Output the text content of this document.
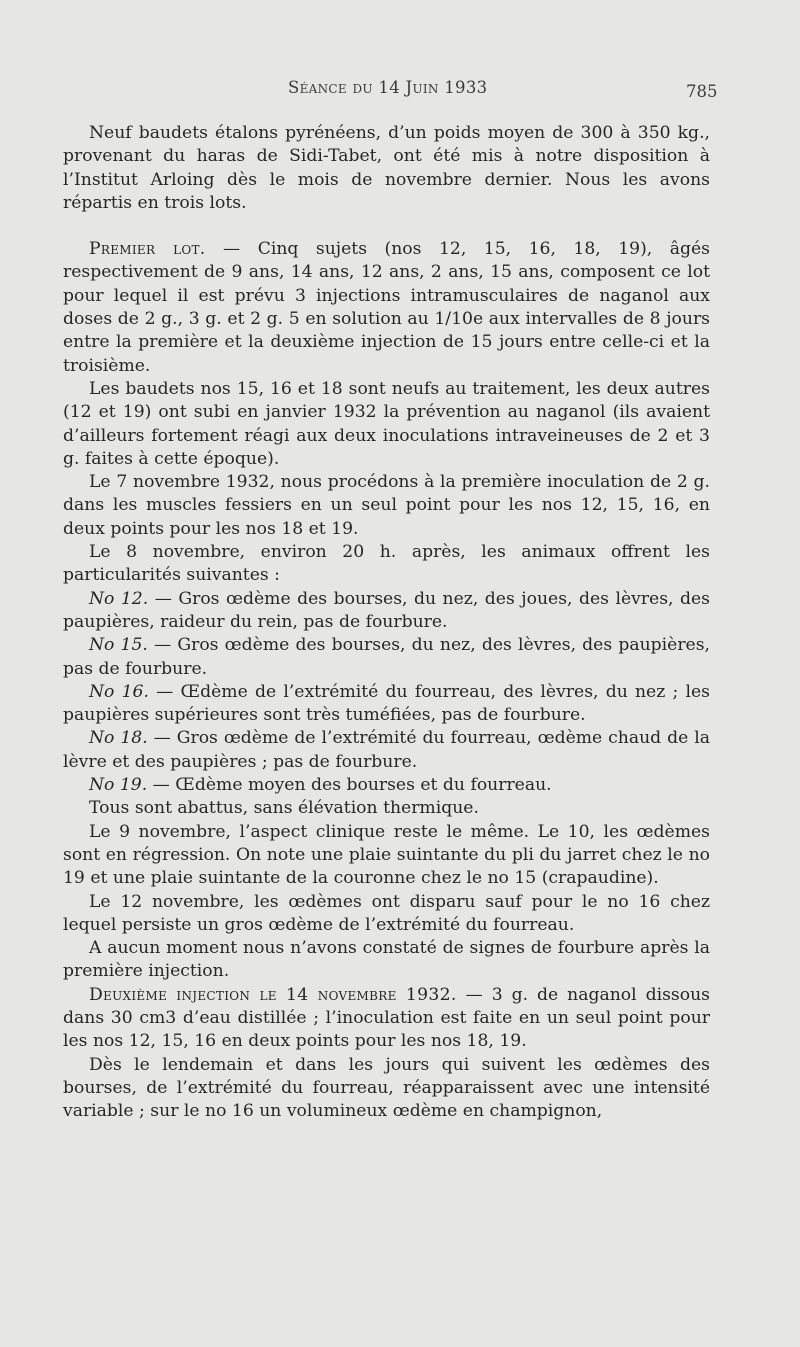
Séance du 14 Juin 1933	785

Neuf baudets étalons pyrénéens, d’un poids moyen de 300 à 350 kg., provenant du haras de Sidi-Tabet, ont été mis à notre disposition à l’Institut Arloing dès le mois de novembre dernier. Nous les avons répartis en trois lots.

Premier lot. — Cinq sujets (nos 12, 15, 16, 18, 19), âgés respectivement de 9 ans, 14 ans, 12 ans, 2 ans, 15 ans, composent ce lot pour lequel il est prévu 3 injections intramusculaires de naganol aux doses de 2 g., 3 g. et 2 g. 5 en solution au 1/10e aux intervalles de 8 jours entre la première et la deuxième injection de 15 jours entre celle-ci et la troisième.

Les baudets nos 15, 16 et 18 sont neufs au traitement, les deux autres (12 et 19) ont subi en janvier 1932 la prévention au naganol (ils avaient d’ailleurs fortement réagi aux deux inoculations intraveineuses de 2 et 3 g. faites à cette époque).

Le 7 novembre 1932, nous procédons à la première inoculation de 2 g. dans les muscles fessiers en un seul point pour les nos 12, 15, 16, en deux points pour les nos 18 et 19.

Le 8 novembre, environ 20 h. après, les animaux offrent les particularités suivantes :

No 12. — Gros œdème des bourses, du nez, des joues, des lèvres, des paupières, raideur du rein, pas de fourbure.

No 15. — Gros œdème des bourses, du nez, des lèvres, des paupières, pas de fourbure.

No 16. — Œdème de l’extrémité du fourreau, des lèvres, du nez ; les paupières supérieures sont très tuméfiées, pas de fourbure.

No 18. — Gros œdème de l’extrémité du fourreau, œdème chaud de la lèvre et des paupières ; pas de fourbure.

No 19. — Œdème moyen des bourses et du fourreau.

Tous sont abattus, sans élévation thermique.

Le 9 novembre, l’aspect clinique reste le même. Le 10, les œdèmes sont en régression. On note une plaie suintante du pli du jarret chez le no 19 et une plaie suintante de la couronne chez le no 15 (crapaudine).

Le 12 novembre, les œdèmes ont disparu sauf pour le no 16 chez lequel persiste un gros œdème de l’extrémité du fourreau.

A aucun moment nous n’avons constaté de signes de fourbure après la première injection.

Deuxième injection le 14 novembre 1932. — 3 g. de naganol dissous dans 30 cm3 d’eau distillée ; l’inoculation est faite en un seul point pour les nos 12, 15, 16 en deux points pour les nos 18, 19.

Dès le lendemain et dans les jours qui suivent les œdèmes des bourses, de l’extrémité du fourreau, réapparaissent avec une intensité variable ; sur le no 16 un volumineux œdème en champignon,
